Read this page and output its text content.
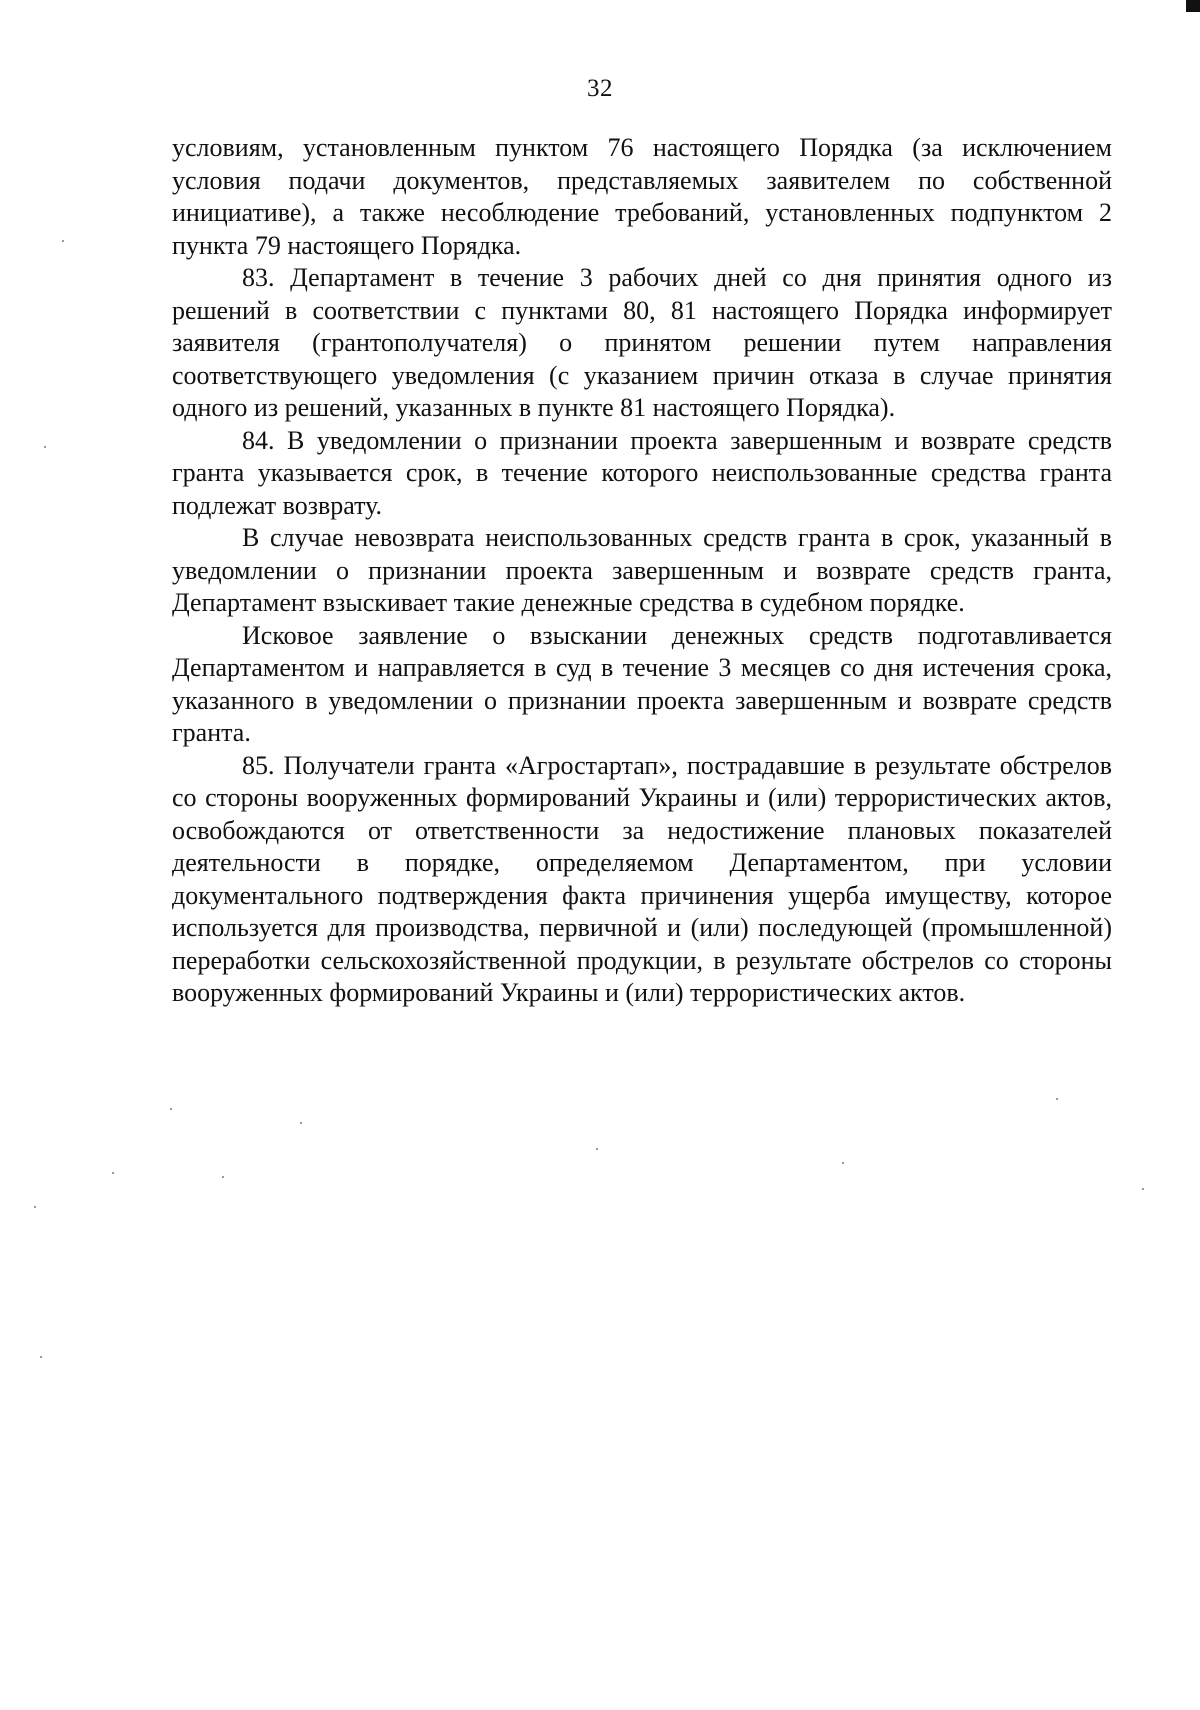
32

условиям, установленным пунктом 76 настоящего Порядка (за исключением условия подачи документов, представляемых заявителем по собственной инициативе), а также несоблюдение требований, установленных подпунктом 2 пункта 79 настоящего Порядка.

83. Департамент в течение 3 рабочих дней со дня принятия одного из решений в соответствии с пунктами 80, 81 настоящего Порядка информирует заявителя (грантополучателя) о принятом решении путем направления соответствующего уведомления (с указанием причин отказа в случае принятия одного из решений, указанных в пункте 81 настоящего Порядка).

84. В уведомлении о признании проекта завершенным и возврате средств гранта указывается срок, в течение которого неиспользованные средства гранта подлежат возврату.

В случае невозврата неиспользованных средств гранта в срок, указанный в уведомлении о признании проекта завершенным и возврате средств гранта, Департамент взыскивает такие денежные средства в судебном порядке.

Исковое заявление о взыскании денежных средств подготавливается Департаментом и направляется в суд в течение 3 месяцев со дня истечения срока, указанного в уведомлении о признании проекта завершенным и возврате средств гранта.

85. Получатели гранта «Агростартап», пострадавшие в результате обстрелов со стороны вооруженных формирований Украины и (или) террористических актов, освобождаются от ответственности за недостижение плановых показателей деятельности в порядке, определяемом Департаментом, при условии документального подтверждения факта причинения ущерба имуществу, которое используется для производства, первичной и (или) последующей (промышленной) переработки сельскохозяйственной продукции, в результате обстрелов со стороны вооруженных формирований Украины и (или) террористических актов.
